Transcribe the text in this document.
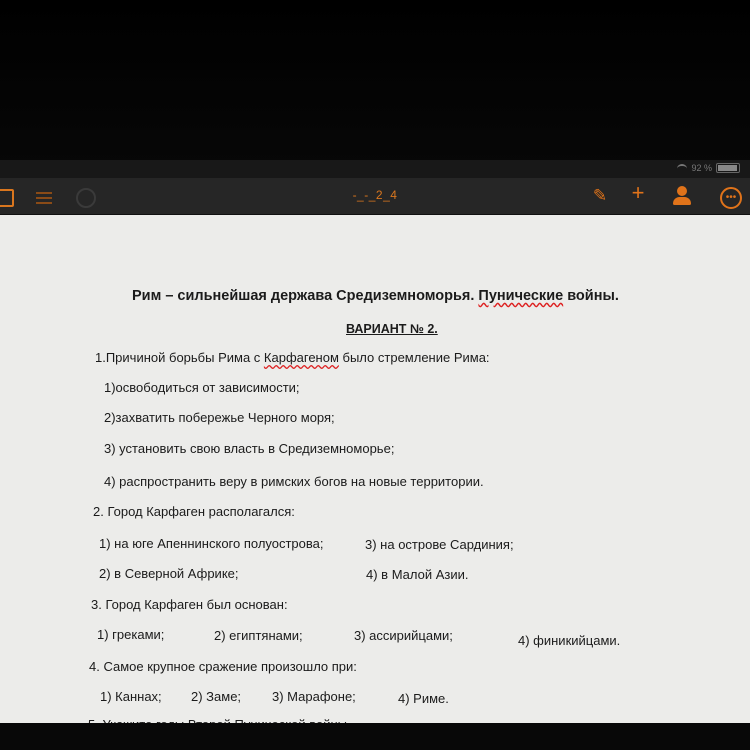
92 %
-_-_2_4	✎ +	•••
Рим – сильнейшая держава Средиземноморья. Пунические войны.
ВАРИАНТ № 2.
1.Причиной борьбы Рима с Карфагеном было стремление Рима:
1)освободиться от зависимости;
2)захватить побережье Черного моря;
3) установить свою власть в Средиземноморье;
4) распространить веру в римских богов на новые территории.
2. Город Карфаген располагался:
1) на юге Апеннинского полуострова;	3) на острове Сардиния;
2) в Северной Африке;	4) в Малой Азии.
3. Город Карфаген был основан:
1) греками;	2) египтянами;	3) ассирийцами;	4) финикийцами.
4. Самое крупное сражение произошло при:
1) Каннах; 2) Заме; 3) Марафоне;	4) Риме.
